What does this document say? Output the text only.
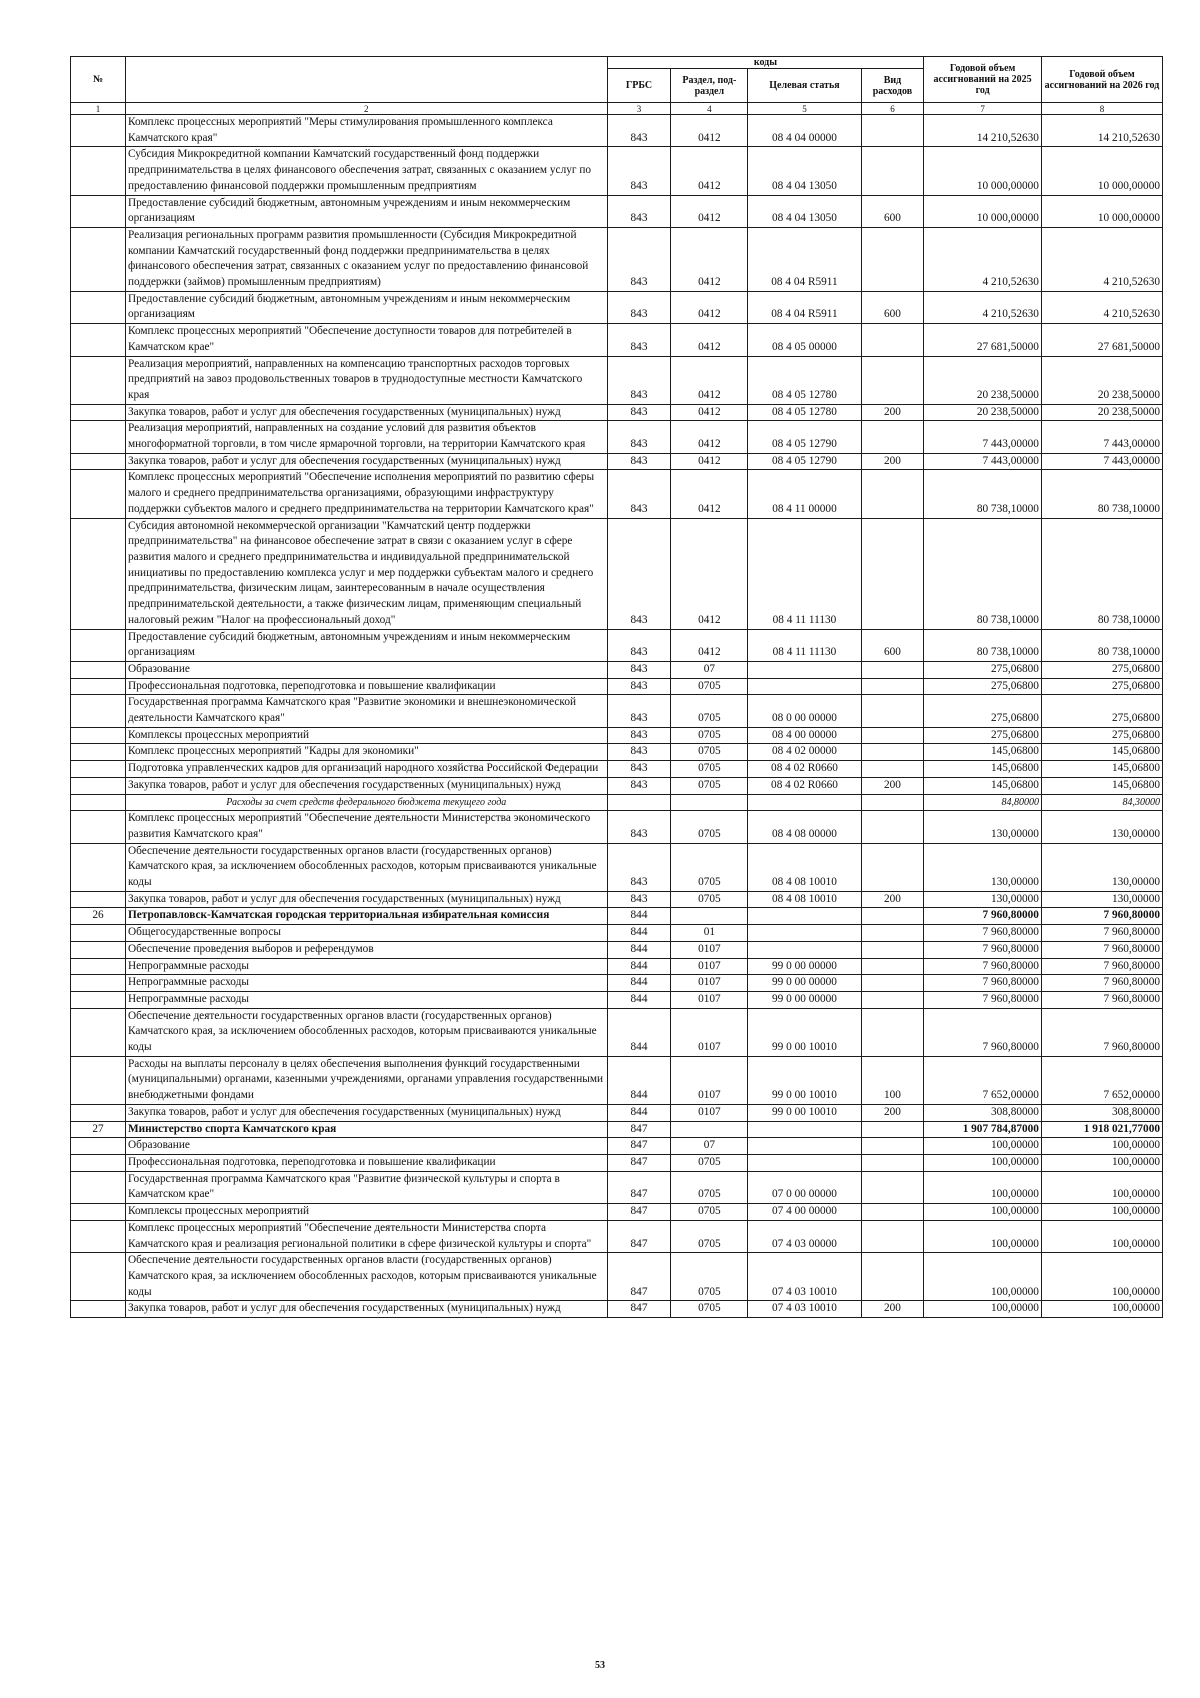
№		коды				Годовой объем ассигнований на 2025 год	Годовой объем ассигнований на 2026 год
		ГРБС	Раздел, под-раздел	Целевая статья	Вид расходов		
1	2	3	4	5	6	7	8
	Комплекс процессных мероприятий "Меры стимулирования промышленного комплекса Камчатского края"	843	0412	08 4 04 00000		14 210,52630	14 210,52630
	Субсидия Микрокредитной компании Камчатский государственный фонд поддержки предпринимательства в целях финансового обеспечения затрат, связанных с оказанием услуг по предоставлению финансовой поддержки промышленным предприятиям	843	0412	08 4 04 13050		10 000,00000	10 000,00000
	Предоставление субсидий бюджетным, автономным учреждениям и иным некоммерческим организациям	843	0412	08 4 04 13050	600	10 000,00000	10 000,00000
	Реализация региональных программ развития промышленности (Субсидия Микрокредитной компании Камчатский государственный фонд поддержки предпринимательства в целях финансового обеспечения затрат, связанных с оказанием услуг по предоставлению финансовой поддержки (займов) промышленным предприятиям)	843	0412	08 4 04 R5911		4 210,52630	4 210,52630
	Предоставление субсидий бюджетным, автономным учреждениям и иным некоммерческим организациям	843	0412	08 4 04 R5911	600	4 210,52630	4 210,52630
	Комплекс процессных мероприятий "Обеспечение доступности товаров для потребителей в Камчатском крае"	843	0412	08 4 05 00000		27 681,50000	27 681,50000
	Реализация мероприятий, направленных на компенсацию транспортных расходов торговых предприятий на завоз продовольственных товаров в труднодоступные местности Камчатского края	843	0412	08 4 05 12780		20 238,50000	20 238,50000
	Закупка товаров, работ и услуг для обеспечения государственных (муниципальных) нужд	843	0412	08 4 05 12780	200	20 238,50000	20 238,50000
	Реализация мероприятий, направленных на создание условий для развития объектов многоформатной торговли, в том числе ярмарочной торговли, на территории Камчатского края	843	0412	08 4 05 12790		7 443,00000	7 443,00000
	Закупка товаров, работ и услуг для обеспечения государственных (муниципальных) нужд	843	0412	08 4 05 12790	200	7 443,00000	7 443,00000
	Комплекс процессных мероприятий "Обеспечение исполнения мероприятий по развитию сферы малого и среднего предпринимательства организациями, образующими инфраструктуру поддержки субъектов малого и среднего предпринимательства на территории Камчатского края"	843	0412	08 4 11 00000		80 738,10000	80 738,10000
	Субсидия автономной некоммерческой организации "Камчатский центр поддержки предпринимательства" на финансовое обеспечение затрат в связи с оказанием услуг в сфере развития малого и среднего предпринимательства и индивидуальной предпринимательской инициативы по предоставлению комплекса услуг и мер поддержки субъектам малого и среднего предпринимательства, физическим лицам, заинтересованным в начале осуществления предпринимательской деятельности, а также физическим лицам, применяющим специальный налоговый режим "Налог на профессиональный доход"	843	0412	08 4 11 11130		80 738,10000	80 738,10000
	Предоставление субсидий бюджетным, автономным учреждениям и иным некоммерческим организациям	843	0412	08 4 11 11130	600	80 738,10000	80 738,10000
	Образование	843	07			275,06800	275,06800
	Профессиональная подготовка, переподготовка и повышение квалификации	843	0705			275,06800	275,06800
	Государственная программа Камчатского края "Развитие экономики и внешнеэкономической деятельности Камчатского края"	843	0705	08 0 00 00000		275,06800	275,06800
	Комплексы процессных мероприятий	843	0705	08 4 00 00000		275,06800	275,06800
	Комплекс процессных мероприятий "Кадры для экономики"	843	0705	08 4 02 00000		145,06800	145,06800
	Подготовка управленческих кадров для организаций народного хозяйства Российской Федерации	843	0705	08 4 02 R0660		145,06800	145,06800
	Закупка товаров, работ и услуг для обеспечения государственных (муниципальных) нужд	843	0705	08 4 02 R0660	200	145,06800	145,06800
	Расходы за счет средств федерального бюджета текущего года					84,80000	84,30000
	Комплекс процессных мероприятий "Обеспечение деятельности Министерства экономического развития Камчатского края"	843	0705	08 4 08 00000		130,00000	130,00000
	Обеспечение деятельности государственных органов власти (государственных органов) Камчатского края, за исключением обособленных расходов, которым присваиваются уникальные коды	843	0705	08 4 08 10010		130,00000	130,00000
	Закупка товаров, работ и услуг для обеспечения государственных (муниципальных) нужд	843	0705	08 4 08 10010	200	130,00000	130,00000
26	Петропавловск-Камчатская городская территориальная избирательная комиссия	844				7 960,80000	7 960,80000
	Общегосударственные вопросы	844	01			7 960,80000	7 960,80000
	Обеспечение проведения выборов и референдумов	844	0107			7 960,80000	7 960,80000
	Непрограммные расходы	844	0107	99 0 00 00000		7 960,80000	7 960,80000
	Непрограммные расходы	844	0107	99 0 00 00000		7 960,80000	7 960,80000
	Непрограммные расходы	844	0107	99 0 00 00000		7 960,80000	7 960,80000
	Обеспечение деятельности государственных органов власти (государственных органов) Камчатского края, за исключением обособленных расходов, которым присваиваются уникальные коды	844	0107	99 0 00 10010		7 960,80000	7 960,80000
	Расходы на выплаты персоналу в целях обеспечения выполнения функций государственными (муниципальными) органами, казенными учреждениями, органами управления государственными внебюджетными фондами	844	0107	99 0 00 10010	100	7 652,00000	7 652,00000
	Закупка товаров, работ и услуг для обеспечения государственных (муниципальных) нужд	844	0107	99 0 00 10010	200	308,80000	308,80000
27	Министерство спорта Камчатского края	847				1 907 784,87000	1 918 021,77000
	Образование	847	07			100,00000	100,00000
	Профессиональная подготовка, переподготовка и повышение квалификации	847	0705			100,00000	100,00000
	Государственная программа Камчатского края "Развитие физической культуры и спорта в Камчатском крае"	847	0705	07 0 00 00000		100,00000	100,00000
	Комплексы процессных мероприятий	847	0705	07 4 00 00000		100,00000	100,00000
	Комплекс процессных мероприятий "Обеспечение деятельности Министерства спорта Камчатского края и реализация региональной политики в сфере физической культуры и спорта"	847	0705	07 4 03 00000		100,00000	100,00000
	Обеспечение деятельности государственных органов власти (государственных органов) Камчатского края, за исключением обособленных расходов, которым присваиваются уникальные коды	847	0705	07 4 03 10010		100,00000	100,00000
	Закупка товаров, работ и услуг для обеспечения государственных (муниципальных) нужд	847	0705	07 4 03 10010	200	100,00000	100,00000
53
